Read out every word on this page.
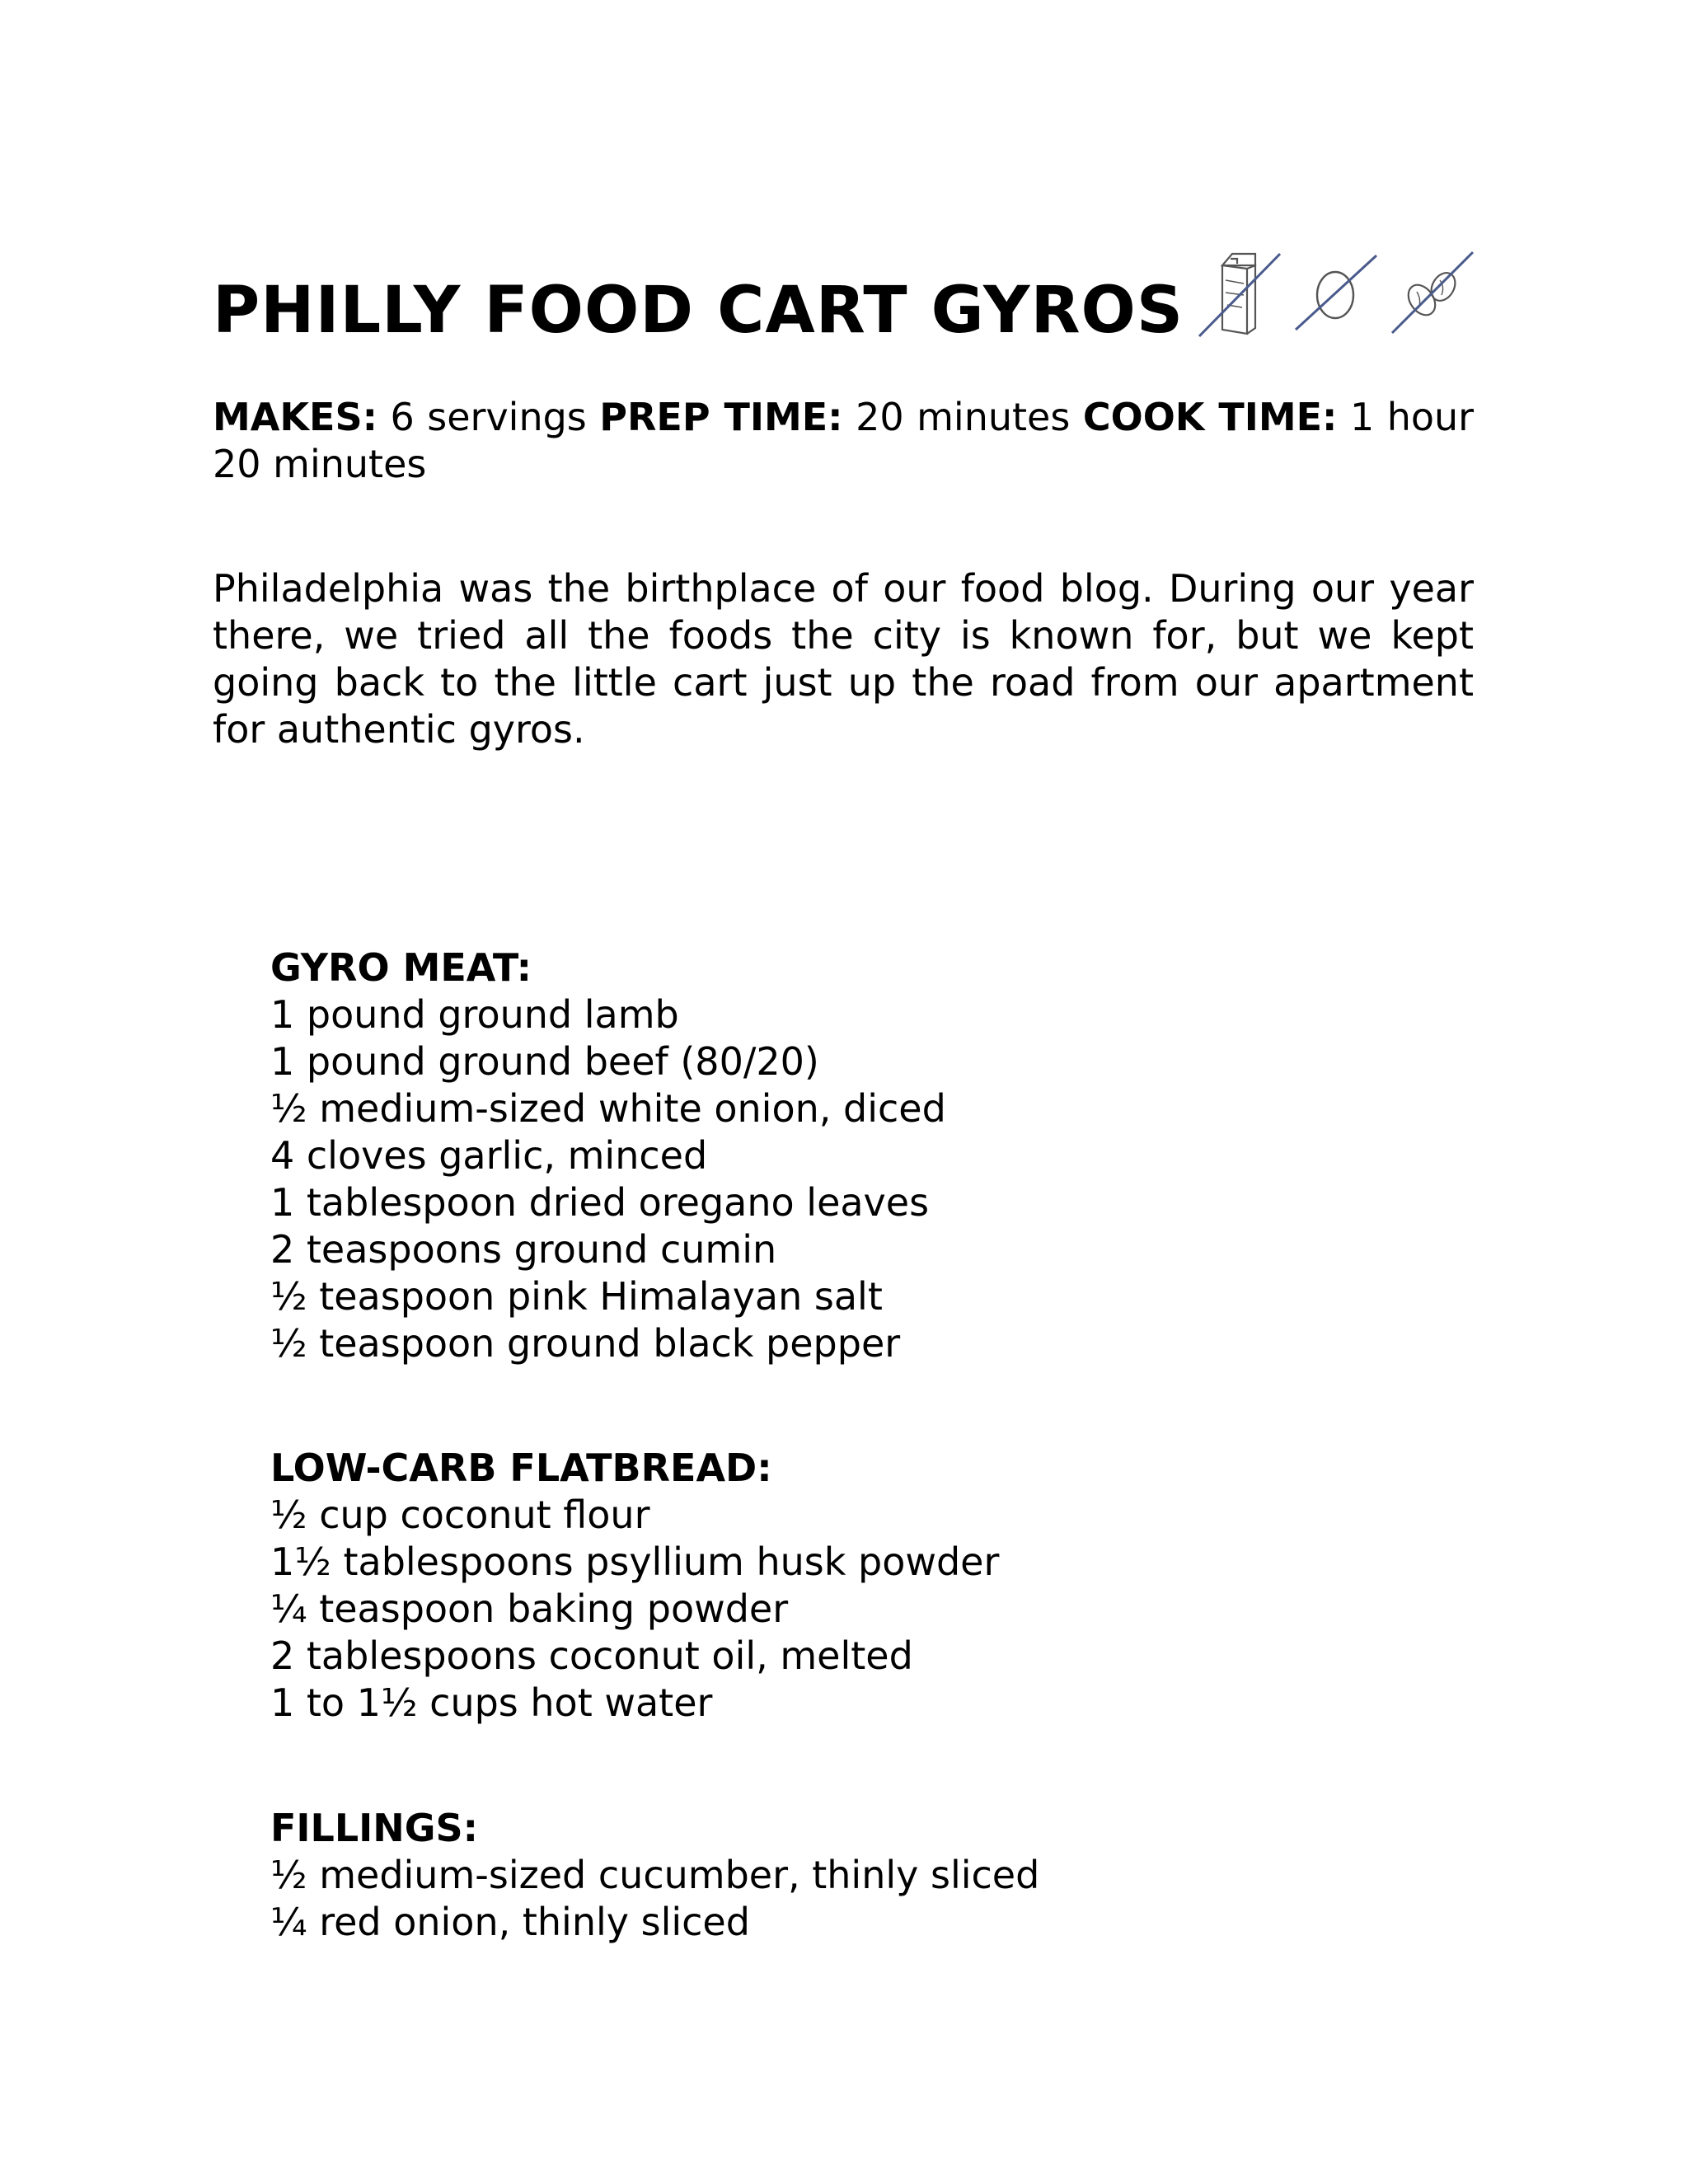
PHILLY FOOD CART GYROS

MAKES: 6 servings PREP TIME: 20 minutes COOK TIME: 1 hour 20 minutes

Philadelphia was the birthplace of our food blog. During our year there, we tried all the foods the city is known for, but we kept going back to the little cart just up the road from our apartment for authentic gyros.

GYRO MEAT:
1 pound ground lamb
1 pound ground beef (80/20)
½ medium-sized white onion, diced
4 cloves garlic, minced
1 tablespoon dried oregano leaves
2 teaspoons ground cumin
½ teaspoon pink Himalayan salt
½ teaspoon ground black pepper
LOW-CARB FLATBREAD:
½ cup coconut flour
1½ tablespoons psyllium husk powder
¼ teaspoon baking powder
2 tablespoons coconut oil, melted
1 to 1½ cups hot water
FILLINGS:
½ medium-sized cucumber, thinly sliced
¼ red onion, thinly sliced
